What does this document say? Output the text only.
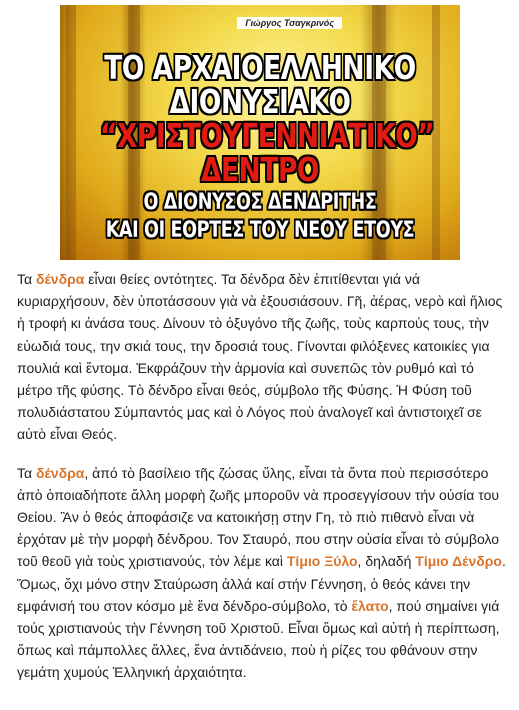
Γιώργος Τσαγκρινός
ΤΟ ΑΡΧΑΙΟΕΛΛΗΝΙΚΟ
ΔΙΟΝΥΣΙΑΚΟ
“ΧΡΙΣΤΟΥΓΕΝΝΙΑΤΙΚΟ”
ΔΕΝΤΡΟ
Ο ΔΙΟΝΥΣΟΣ ΔΕΝΔΡΙΤΗΣ
ΚΑΙ ΟΙ ΕΟΡΤΕΣ ΤΟΥ ΝΕΟΥ ΕΤΟΥΣ

Τα δένδρα εἶναι θείες οντότητες. Τα δένδρα δὲν ἐπιτίθενται γιά νά κυριαρχήσουν, δὲν ὑποτάσσουν γιὰ νὰ ἐξουσιάσουν. Γῆ, ἀέρας, νερὸ καὶ ἥλιος ἡ τροφή κι ἀνάσα τους. Δίνουν τὸ ὀξυγόνο τῆς ζωῆς, τοὺς καρπούς τους, τὴν εὐωδιά τους, την σκιά τους, την δροσιά τους. Γίνονται φιλόξενες κατοικίες για πουλιά καὶ ἔντομα. Ἐκφράζουν τὴν ἁρμονία καὶ συνεπῶς τὸν ρυθμό καὶ τό μέτρο τῆς φύσης. Τὸ δένδρο εἶναι θεός, σύμβολο τῆς Φύσης. Ἡ Φύση τοῦ πολυδιάστατου Σύμπαντός μας καὶ ὁ Λόγος ποὺ ἀναλογεῖ καὶ ἀντιστοιχεῖ σε αὐτὸ εἶναι Θεός.

Τα δένδρα, ἀπό τὸ βασίλειο τῆς ζώσας ὕλης, εἶναι τὰ ὄντα ποὺ περισσότερο ἀπὸ ὁποιαδήποτε ἄλλη μορφὴ ζωῆς μποροῦν νὰ προσεγγίσουν τήν οὐσία του Θείου. Ἂν ὁ θεός ἀποφάσιζε να κατοικήσῃ στην Γη, τὸ πιὸ πιθανὸ εἶναι νὰ ἐρχόταν μὲ τὴν μορφὴ δένδρου. Τον Σταυρό, που στην οὐσία εἶναι τὸ σύμβολο τοῦ θεοῦ γιὰ τοὺς χριστιανούς, τὸν λέμε καὶ Τίμιο Ξύλο, δηλαδή Τίμιο Δένδρο. Ὅμως, ὄχι μόνο στην Σταύρωση ἀλλά καί στήν Γέννηση, ὁ θεός κάνει την εμφάνισή του στον κόσμο μὲ ἕνα δένδρο-σύμβολο, τὸ ἔλατο, πού σημαίνει γιά τούς χριστιανούς τὴν Γέννηση τοῦ Χριστοῦ. Εἶναι ὅμως καὶ αὐτή ἡ περίπτωση, ὅπως καὶ πάμπολλες ἄλλες, ἕνα ἀντιδάνειο, ποὺ ἡ ρίζες του φθάνουν στην γεμάτη χυμούς Ἑλληνική ἀρχαιότητα.
